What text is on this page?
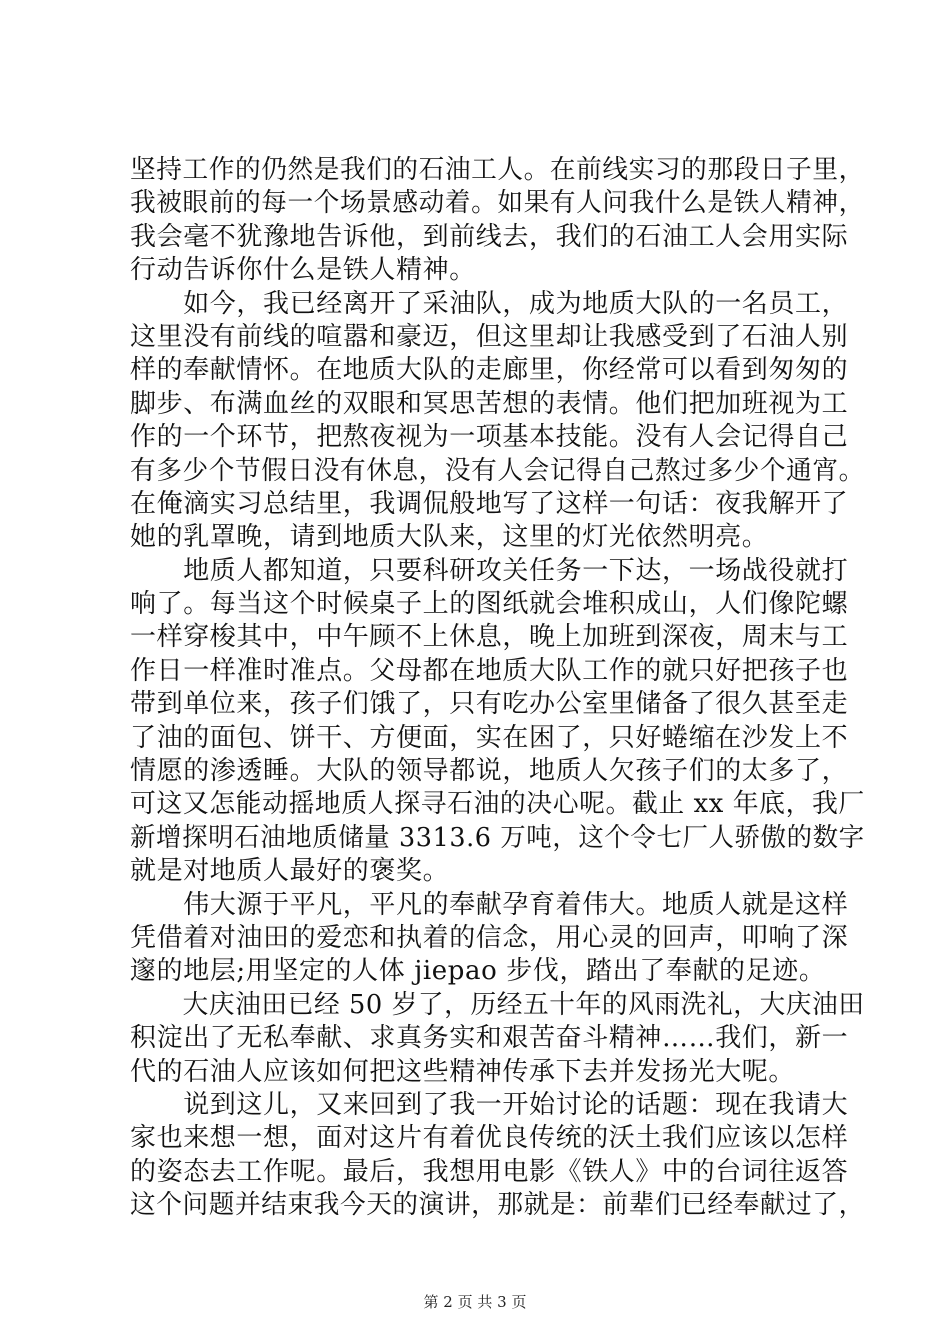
坚持工作的仍然是我们的石油工人。在前线实习的那段日子里，
我被眼前的每一个场景感动着。如果有人问我什么是铁人精神，
我会毫不犹豫地告诉他，到前线去，我们的石油工人会用实际
行动告诉你什么是铁人精神。
　　如今，我已经离开了采油队，成为地质大队的一名员工，
这里没有前线的喧嚣和豪迈，但这里却让我感受到了石油人别
样的奉献情怀。在地质大队的走廊里，你经常可以看到匆匆的
脚步、布满血丝的双眼和冥思苦想的表情。他们把加班视为工
作的一个环节，把熬夜视为一项基本技能。没有人会记得自己
有多少个节假日没有休息，没有人会记得自己熬过多少个通宵。
在俺滴实习总结里，我调侃般地写了这样一句话：夜我解开了
她的乳罩晚，请到地质大队来，这里的灯光依然明亮。
　　地质人都知道，只要科研攻关任务一下达，一场战役就打
响了。每当这个时候桌子上的图纸就会堆积成山，人们像陀螺
一样穿梭其中，中午顾不上休息，晚上加班到深夜，周末与工
作日一样准时准点。父母都在地质大队工作的就只好把孩子也
带到单位来，孩子们饿了，只有吃办公室里储备了很久甚至走
了油的面包、饼干、方便面，实在困了，只好蜷缩在沙发上不
情愿的渗透睡。大队的领导都说，地质人欠孩子们的太多了，
可这又怎能动摇地质人探寻石油的决心呢。截止 xx 年底，我厂
新增探明石油地质储量 3313.6 万吨，这个令七厂人骄傲的数字
就是对地质人最好的褒奖。
　　伟大源于平凡，平凡的奉献孕育着伟大。地质人就是这样
凭借着对油田的爱恋和执着的信念，用心灵的回声，叩响了深
邃的地层;用坚定的人体 jiepao 步伐，踏出了奉献的足迹。
　　大庆油田已经 50 岁了，历经五十年的风雨洗礼，大庆油田
积淀出了无私奉献、求真务实和艰苦奋斗精神……我们，新一
代的石油人应该如何把这些精神传承下去并发扬光大呢。
　　说到这儿，又来回到了我一开始讨论的话题：现在我请大
家也来想一想，面对这片有着优良传统的沃土我们应该以怎样
的姿态去工作呢。最后，我想用电影《铁人》中的台词往返答
这个问题并结束我今天的演讲，那就是：前辈们已经奉献过了，
第 2 页 共 3 页
